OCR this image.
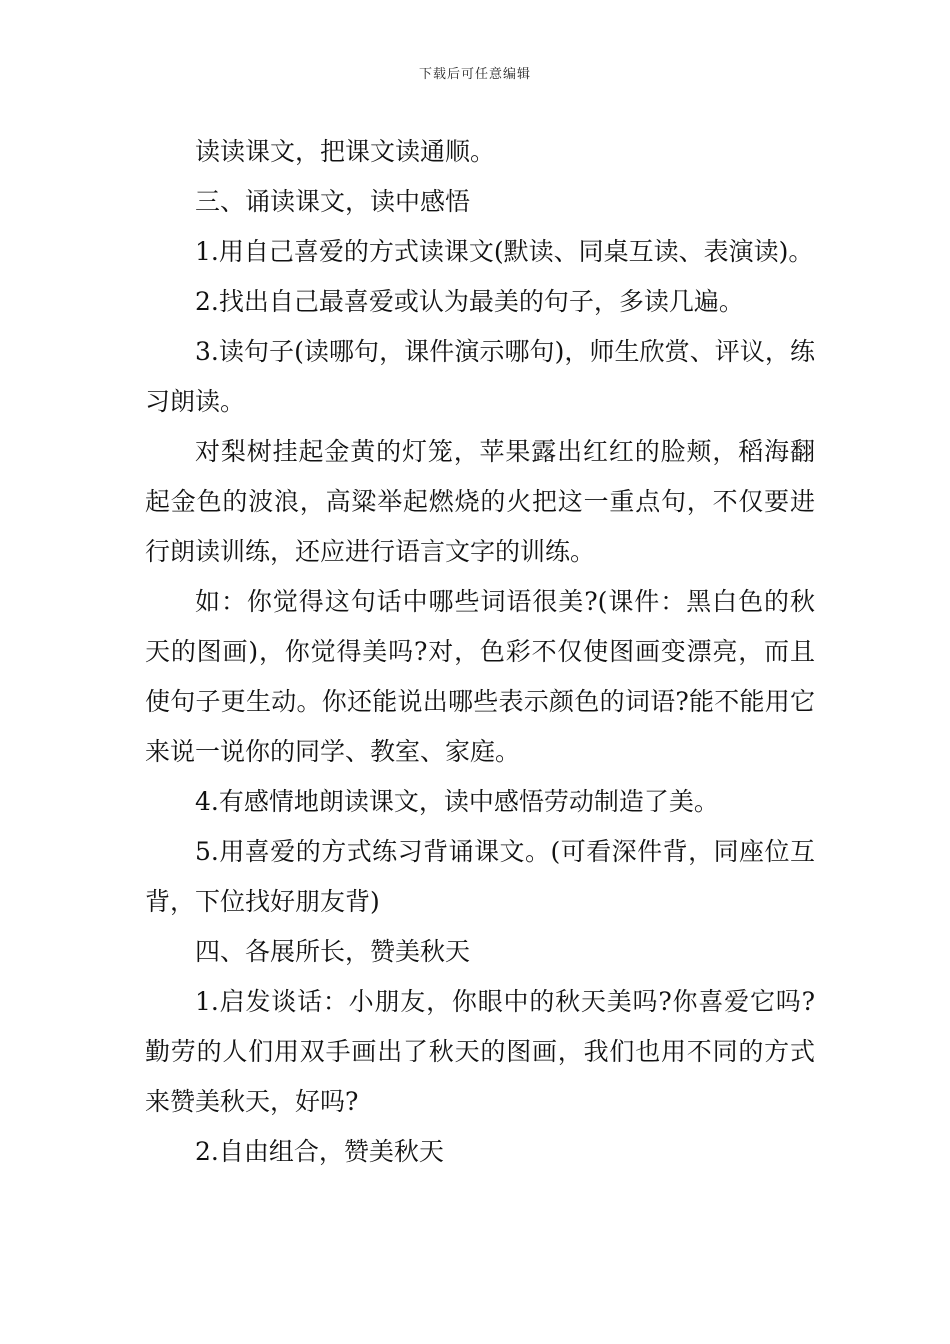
下载后可任意编辑

读读课文，把课文读通顺。

三、诵读课文，读中感悟

1.用自己喜爱的方式读课文(默读、同桌互读、表演读)。

2.找出自己最喜爱或认为最美的句子，多读几遍。

3.读句子(读哪句，课件演示哪句)，师生欣赏、评议，练习朗读。

对梨树挂起金黄的灯笼，苹果露出红红的脸颊，稻海翻起金色的波浪，高粱举起燃烧的火把这一重点句，不仅要进行朗读训练，还应进行语言文字的训练。

如：你觉得这句话中哪些词语很美?(课件：黑白色的秋天的图画)，你觉得美吗?对，色彩不仅使图画变漂亮，而且使句子更生动。你还能说出哪些表示颜色的词语?能不能用它来说一说你的同学、教室、家庭。

4.有感情地朗读课文，读中感悟劳动制造了美。

5.用喜爱的方式练习背诵课文。(可看深件背，同座位互背，下位找好朋友背)

四、各展所长，赞美秋天

1.启发谈话：小朋友，你眼中的秋天美吗?你喜爱它吗?勤劳的人们用双手画出了秋天的图画，我们也用不同的方式来赞美秋天，好吗?

2.自由组合，赞美秋天
